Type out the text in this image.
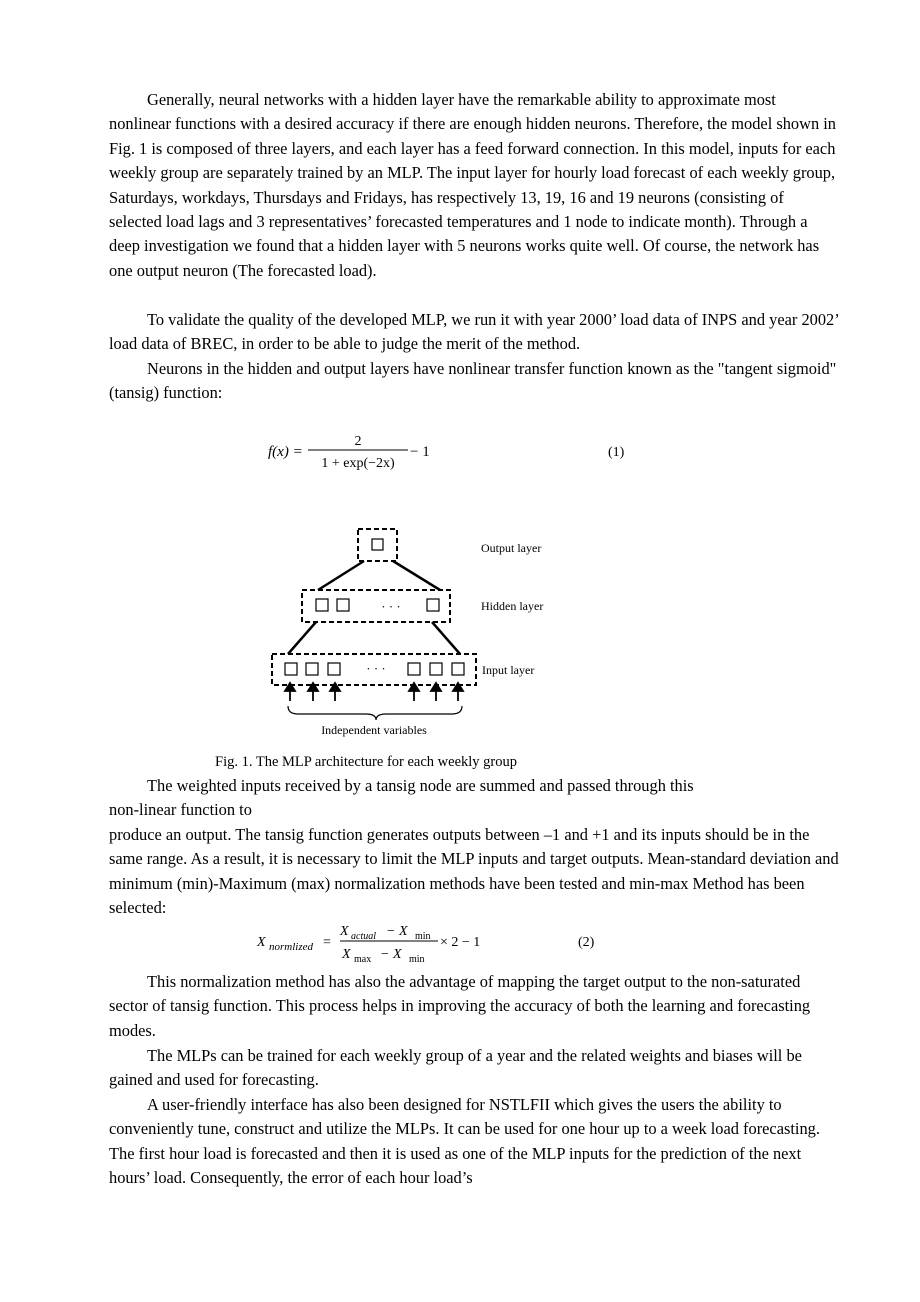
Generally, neural networks with a hidden layer have the remarkable ability to approximate most nonlinear functions with a desired accuracy if there are enough hidden neurons. Therefore, the model shown in Fig. 1 is composed of three layers, and each layer has a feed forward connection. In this model, inputs for each weekly group are separately trained by an MLP. The input layer for hourly load forecast of each weekly group, Saturdays, workdays, Thursdays and Fridays, has respectively 13, 19, 16 and 19 neurons (consisting of selected load lags and 3 representatives’ forecasted temperatures and 1 node to indicate month). Through a deep investigation we found that a hidden layer with 5 neurons works quite well. Of course, the network has one output neuron (The forecasted load).

To validate the quality of the developed MLP, we run it with year 2000’ load data of INPS and year 2002’ load data of BREC, in order to be able to judge the merit of the method.

Neurons in the hidden and output layers have nonlinear transfer function known as the "tangent sigmoid" (tansig) function:

f(x) =
2
1 + exp(−2x)
− 1	(1)
· · ·
· · ·
Output layer
Hidden layer
Input layer
Independent variables
Fig. 1. The MLP architecture for each weekly group

The weighted inputs received by a tansig node are summed and passed through this

non-linear function to

produce an output. The tansig function generates outputs between –1 and +1 and its inputs should be in the same range. As a result, it is necessary to limit the MLP inputs and target outputs. Mean-standard deviation and minimum (min)-Maximum (max) normalization methods have been tested and min-max Method has been selected:

X normlized =
X actual − X min
X max − X min
× 2 − 1	(2)

This normalization method has also the advantage of mapping the target output to the non-saturated sector of tansig function. This process helps in improving the accuracy of both the learning and forecasting modes.

The MLPs can be trained for each weekly group of a year and the related weights and biases will be gained and used for forecasting.

A user-friendly interface has also been designed for NSTLFII which gives the users the ability to conveniently tune, construct and utilize the MLPs. It can be used for one hour up to a week load forecasting. The first hour load is forecasted and then it is used as one of the MLP inputs for the prediction of the next hours’ load. Consequently, the error of each hour load’s
